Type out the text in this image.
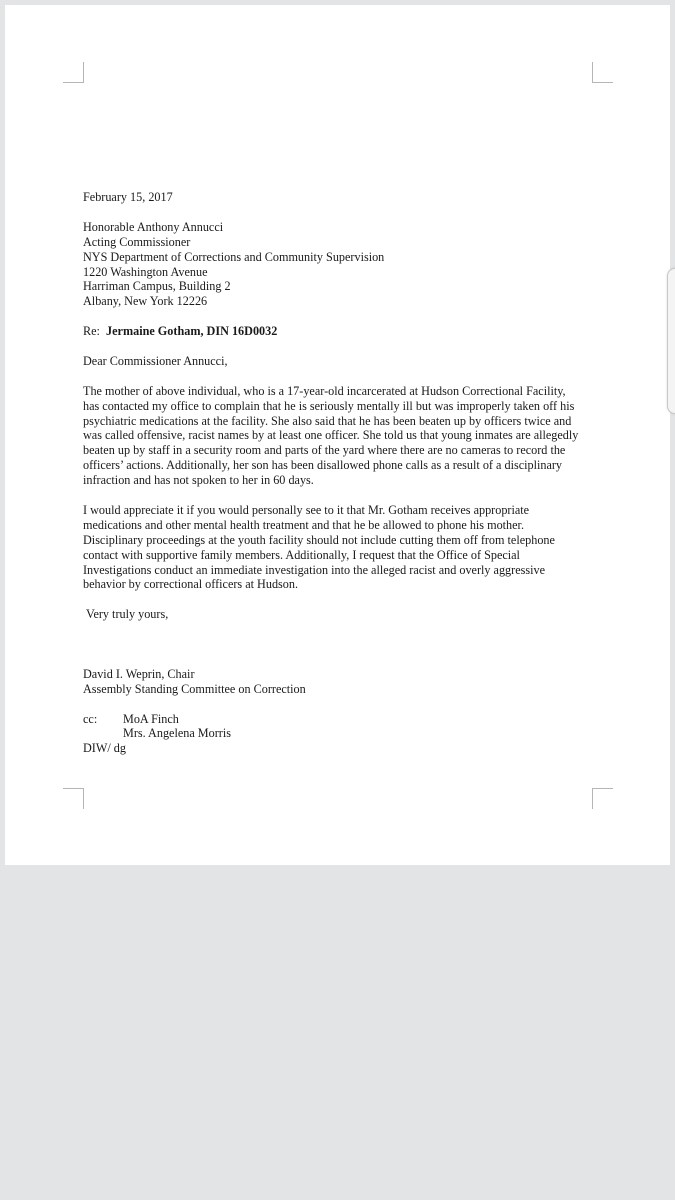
February 15, 2017
Honorable Anthony Annucci
Acting Commissioner
NYS Department of Corrections and Community Supervision
1220 Washington Avenue
Harriman Campus, Building 2
Albany, New York 12226
Re: Jermaine Gotham, DIN 16D0032
Dear Commissioner Annucci,
The mother of above individual, who is a 17-year-old incarcerated at Hudson Correctional Facility,
has contacted my office to complain that he is seriously mentally ill but was improperly taken off his
psychiatric medications at the facility. She also said that he has been beaten up by officers twice and
was called offensive, racist names by at least one officer. She told us that young inmates are allegedly
beaten up by staff in a security room and parts of the yard where there are no cameras to record the
officers’ actions. Additionally, her son has been disallowed phone calls as a result of a disciplinary
infraction and has not spoken to her in 60 days.
I would appreciate it if you would personally see to it that Mr. Gotham receives appropriate
medications and other mental health treatment and that he be allowed to phone his mother.
Disciplinary proceedings at the youth facility should not include cutting them off from telephone
contact with supportive family members. Additionally, I request that the Office of Special
Investigations conduct an immediate investigation into the alleged racist and overly aggressive
behavior by correctional officers at Hudson.
Very truly yours,
David I. Weprin, Chair
Assembly Standing Committee on Correction
cc:	MoA Finch
Mrs. Angelena Morris
DIW/ dg
